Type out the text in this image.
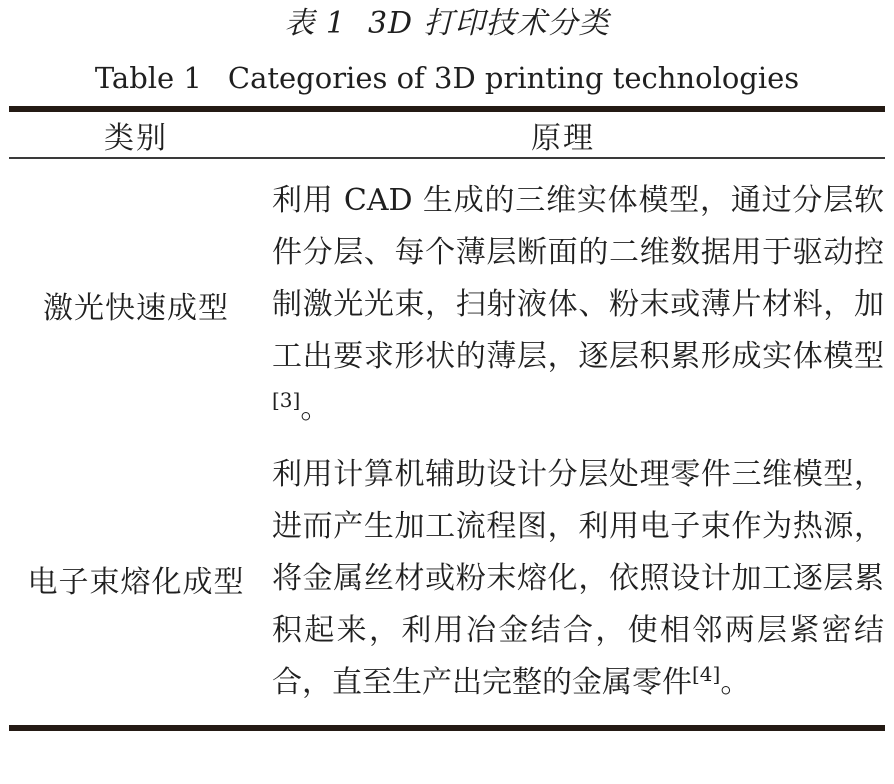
表 1 3D 打印技术分类
Table 1 Categories of 3D printing technologies
类别	原理
激光快速成型
利用 CAD 生成的三维实体模型，通过分层软件分层、每个薄层断面的二维数据用于驱动控制激光光束，扫射液体、粉末或薄片材料，加工出要求形状的薄层，逐层积累形成实体模型[3]。
电子束熔化成型
利用计算机辅助设计分层处理零件三维模型，进而产生加工流程图，利用电子束作为热源，将金属丝材或粉末熔化，依照设计加工逐层累积起来，利用冶金结合，使相邻两层紧密结合，直至生产出完整的金属零件[4]。
